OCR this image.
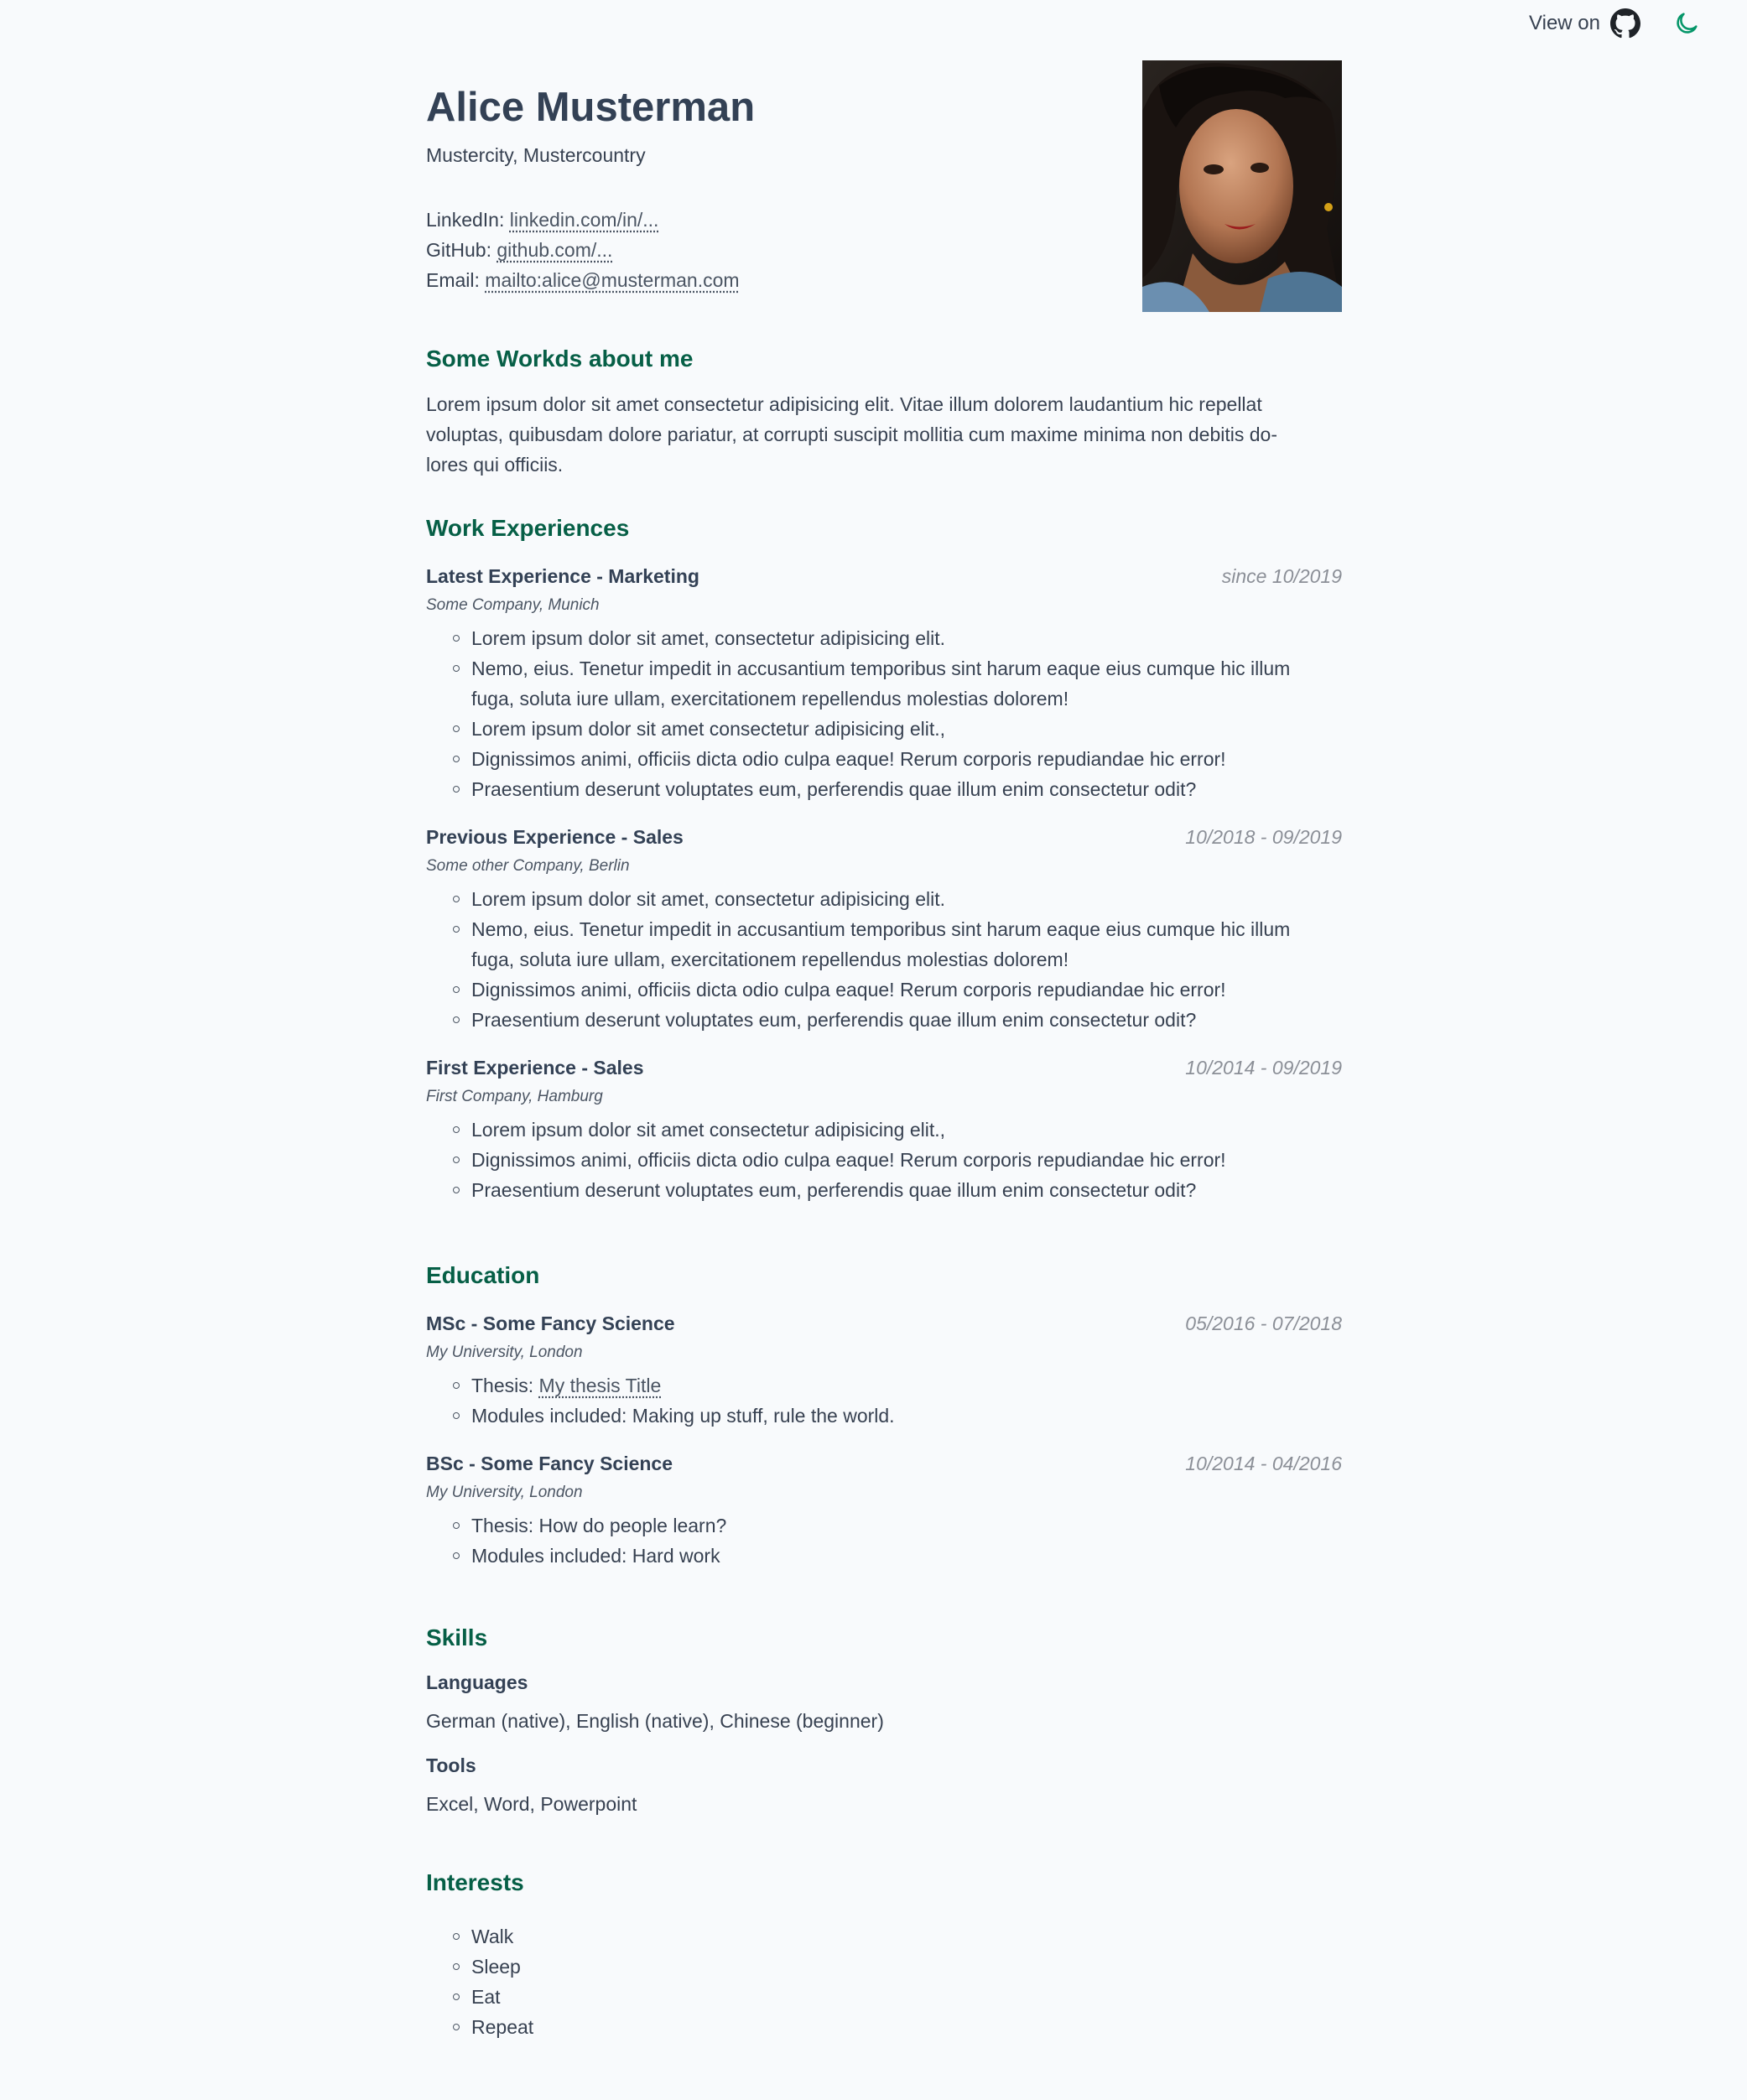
View on
Alice Musterman
Mustercity, Mustercountry
LinkedIn: linkedin.com/in/...
GitHub: github.com/...
Email: mailto:alice@musterman.com
Some Workds about me
Lorem ipsum dolor sit amet consectetur adipisicing elit. Vitae illum dolorem laudantium hic repellat
voluptas, quibusdam dolore pariatur, at corrupti suscipit mollitia cum maxime minima non debitis do-
lores qui officiis.
Work Experiences
Latest Experience - Marketing	since 10/2019
Some Company, Munich
Lorem ipsum dolor sit amet, consectetur adipisicing elit.
Nemo, eius. Tenetur impedit in accusantium temporibus sint harum eaque eius cumque hic illum
fuga, soluta iure ullam, exercitationem repellendus molestias dolorem!
Lorem ipsum dolor sit amet consectetur adipisicing elit.,
Dignissimos animi, officiis dicta odio culpa eaque! Rerum corporis repudiandae hic error!
Praesentium deserunt voluptates eum, perferendis quae illum enim consectetur odit?
Previous Experience - Sales	10/2018 - 09/2019
Some other Company, Berlin
Lorem ipsum dolor sit amet, consectetur adipisicing elit.
Nemo, eius. Tenetur impedit in accusantium temporibus sint harum eaque eius cumque hic illum
fuga, soluta iure ullam, exercitationem repellendus molestias dolorem!
Dignissimos animi, officiis dicta odio culpa eaque! Rerum corporis repudiandae hic error!
Praesentium deserunt voluptates eum, perferendis quae illum enim consectetur odit?
First Experience - Sales	10/2014 - 09/2019
First Company, Hamburg
Lorem ipsum dolor sit amet consectetur adipisicing elit.,
Dignissimos animi, officiis dicta odio culpa eaque! Rerum corporis repudiandae hic error!
Praesentium deserunt voluptates eum, perferendis quae illum enim consectetur odit?
Education
MSc - Some Fancy Science	05/2016 - 07/2018
My University, London
Thesis: My thesis Title
Modules included: Making up stuff, rule the world.
BSc - Some Fancy Science	10/2014 - 04/2016
My University, London
Thesis: How do people learn?
Modules included: Hard work
Skills
Languages
German (native), English (native), Chinese (beginner)
Tools
Excel, Word, Powerpoint
Interests
Walk
Sleep
Eat
Repeat
